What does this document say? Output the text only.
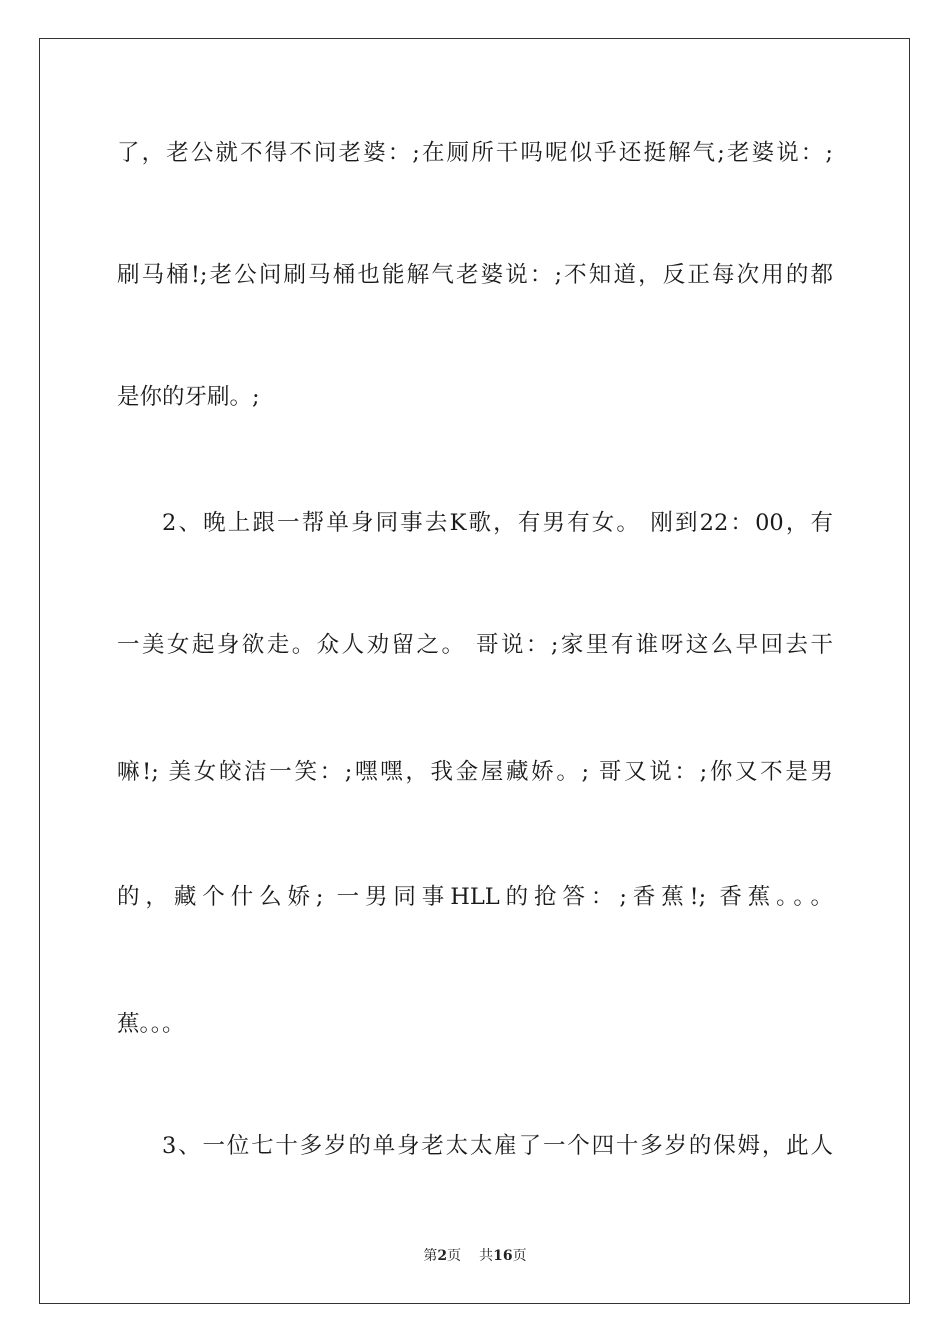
了，老公就不得不问老婆：;在厕所干吗呢似乎还挺解气;老婆说：;
刷马桶!;老公问刷马桶也能解气老婆说：;不知道，反正每次用的都
是你的牙刷。;
2、晚上跟一帮单身同事去K歌，有男有女。 刚到22：00，有
一美女起身欲走。众人劝留之。 哥说：;家里有谁呀这么早回去干
嘛!; 美女皎洁一笑：;嘿嘿，我金屋藏娇。; 哥又说：;你又不是男
的，藏个什么娇; 一男同事HLL的抢答：;香蕉!; 香蕉。。。
蕉。。。
3、一位七十多岁的单身老太太雇了一个四十多岁的保姆，此人
第2页 共16页
